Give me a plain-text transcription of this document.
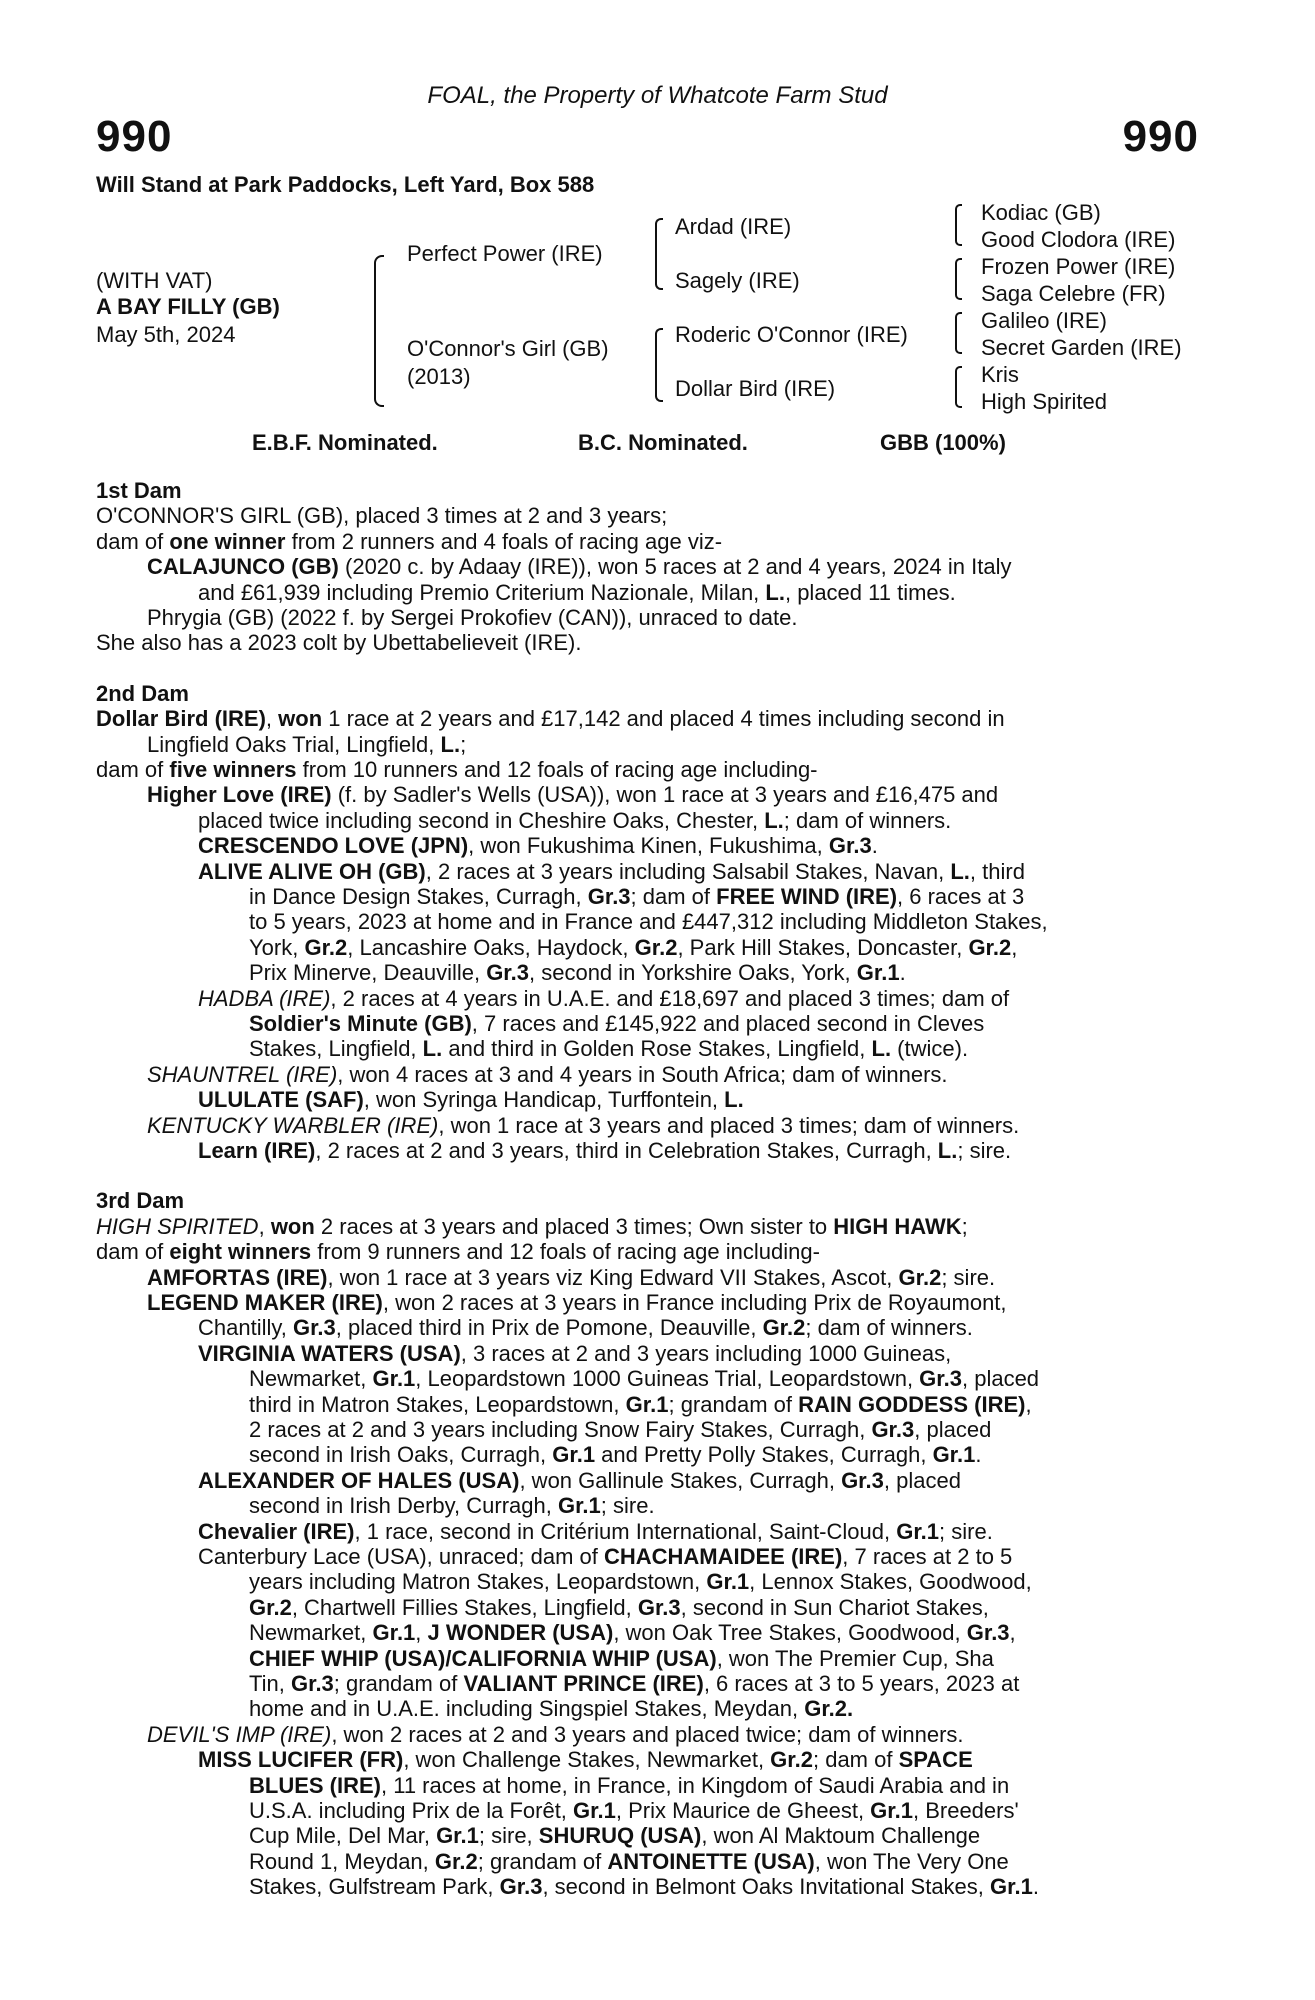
990	990
FOAL, the Property of Whatcote Farm Stud
Will Stand at Park Paddocks, Left Yard, Box 588
(WITH VAT)
A BAY FILLY (GB)
May 5th, 2024
Perfect Power (IRE)
O'Connor's Girl (GB)
(2013)
Ardad (IRE)
Sagely (IRE)
Roderic O'Connor (IRE)
Dollar Bird (IRE)
Kodiac (GB)
Good Clodora (IRE)
Frozen Power (IRE)
Saga Celebre (FR)
Galileo (IRE)
Secret Garden (IRE)
Kris
High Spirited
E.B.F. Nominated.	B.C. Nominated.	GBB (100%)
1st Dam
O'CONNOR'S GIRL (GB), placed 3 times at 2 and 3 years;
dam of one winner from 2 runners and 4 foals of racing age viz-
CALAJUNCO (GB) (2020 c. by Adaay (IRE)), won 5 races at 2 and 4 years, 2024 in Italy
and £61,939 including Premio Criterium Nazionale, Milan, L., placed 11 times.
Phrygia (GB) (2022 f. by Sergei Prokofiev (CAN)), unraced to date.
She also has a 2023 colt by Ubettabelieveit (IRE).
2nd Dam
Dollar Bird (IRE), won 1 race at 2 years and £17,142 and placed 4 times including second in
Lingfield Oaks Trial, Lingfield, L.;
dam of five winners from 10 runners and 12 foals of racing age including-
Higher Love (IRE) (f. by Sadler's Wells (USA)), won 1 race at 3 years and £16,475 and
placed twice including second in Cheshire Oaks, Chester, L.; dam of winners.
CRESCENDO LOVE (JPN), won Fukushima Kinen, Fukushima, Gr.3.
ALIVE ALIVE OH (GB), 2 races at 3 years including Salsabil Stakes, Navan, L., third
in Dance Design Stakes, Curragh, Gr.3; dam of FREE WIND (IRE), 6 races at 3
to 5 years, 2023 at home and in France and £447,312 including Middleton Stakes,
York, Gr.2, Lancashire Oaks, Haydock, Gr.2, Park Hill Stakes, Doncaster, Gr.2,
Prix Minerve, Deauville, Gr.3, second in Yorkshire Oaks, York, Gr.1.
HADBA (IRE), 2 races at 4 years in U.A.E. and £18,697 and placed 3 times; dam of
Soldier's Minute (GB), 7 races and £145,922 and placed second in Cleves
Stakes, Lingfield, L. and third in Golden Rose Stakes, Lingfield, L. (twice).
SHAUNTREL (IRE), won 4 races at 3 and 4 years in South Africa; dam of winners.
ULULATE (SAF), won Syringa Handicap, Turffontein, L.
KENTUCKY WARBLER (IRE), won 1 race at 3 years and placed 3 times; dam of winners.
Learn (IRE), 2 races at 2 and 3 years, third in Celebration Stakes, Curragh, L.; sire.
3rd Dam
HIGH SPIRITED, won 2 races at 3 years and placed 3 times; Own sister to HIGH HAWK;
dam of eight winners from 9 runners and 12 foals of racing age including-
AMFORTAS (IRE), won 1 race at 3 years viz King Edward VII Stakes, Ascot, Gr.2; sire.
LEGEND MAKER (IRE), won 2 races at 3 years in France including Prix de Royaumont,
Chantilly, Gr.3, placed third in Prix de Pomone, Deauville, Gr.2; dam of winners.
VIRGINIA WATERS (USA), 3 races at 2 and 3 years including 1000 Guineas,
Newmarket, Gr.1, Leopardstown 1000 Guineas Trial, Leopardstown, Gr.3, placed
third in Matron Stakes, Leopardstown, Gr.1; grandam of RAIN GODDESS (IRE),
2 races at 2 and 3 years including Snow Fairy Stakes, Curragh, Gr.3, placed
second in Irish Oaks, Curragh, Gr.1 and Pretty Polly Stakes, Curragh, Gr.1.
ALEXANDER OF HALES (USA), won Gallinule Stakes, Curragh, Gr.3, placed
second in Irish Derby, Curragh, Gr.1; sire.
Chevalier (IRE), 1 race, second in Critérium International, Saint-Cloud, Gr.1; sire.
Canterbury Lace (USA), unraced; dam of CHACHAMAIDEE (IRE), 7 races at 2 to 5
years including Matron Stakes, Leopardstown, Gr.1, Lennox Stakes, Goodwood,
Gr.2, Chartwell Fillies Stakes, Lingfield, Gr.3, second in Sun Chariot Stakes,
Newmarket, Gr.1, J WONDER (USA), won Oak Tree Stakes, Goodwood, Gr.3,
CHIEF WHIP (USA)/CALIFORNIA WHIP (USA), won The Premier Cup, Sha
Tin, Gr.3; grandam of VALIANT PRINCE (IRE), 6 races at 3 to 5 years, 2023 at
home and in U.A.E. including Singspiel Stakes, Meydan, Gr.2.
DEVIL'S IMP (IRE), won 2 races at 2 and 3 years and placed twice; dam of winners.
MISS LUCIFER (FR), won Challenge Stakes, Newmarket, Gr.2; dam of SPACE
BLUES (IRE), 11 races at home, in France, in Kingdom of Saudi Arabia and in
U.S.A. including Prix de la Forêt, Gr.1, Prix Maurice de Gheest, Gr.1, Breeders'
Cup Mile, Del Mar, Gr.1; sire, SHURUQ (USA), won Al Maktoum Challenge
Round 1, Meydan, Gr.2; grandam of ANTOINETTE (USA), won The Very One
Stakes, Gulfstream Park, Gr.3, second in Belmont Oaks Invitational Stakes, Gr.1.
